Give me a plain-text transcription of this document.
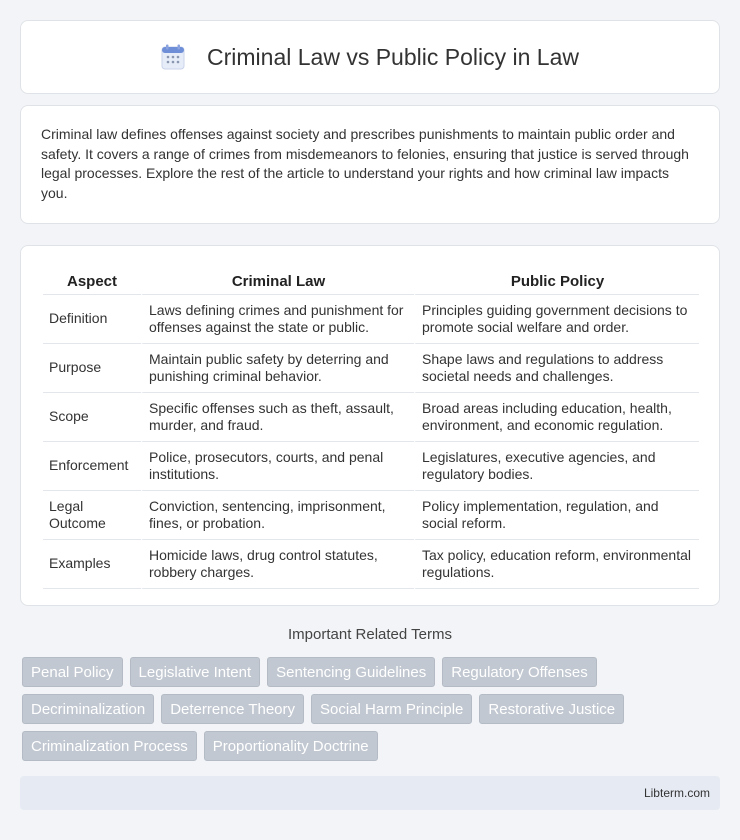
Criminal Law vs Public Policy in Law

Criminal law defines offenses against society and prescribes punishments to maintain public order and safety. It covers a range of crimes from misdemeanors to felonies, ensuring that justice is served through legal processes. Explore the rest of the article to understand your rights and how criminal law impacts you.

Aspect	Criminal Law	Public Policy
Definition	Laws defining crimes and punishment for offenses against the state or public.	Principles guiding government decisions to promote social welfare and order.
Purpose	Maintain public safety by deterring and punishing criminal behavior.	Shape laws and regulations to address societal needs and challenges.
Scope	Specific offenses such as theft, assault, murder, and fraud.	Broad areas including education, health, environment, and economic regulation.
Enforcement	Police, prosecutors, courts, and penal institutions.	Legislatures, executive agencies, and regulatory bodies.
Legal Outcome	Conviction, sentencing, imprisonment, fines, or probation.	Policy implementation, regulation, and social reform.
Examples	Homicide laws, drug control statutes, robbery charges.	Tax policy, education reform, environmental regulations.
Important Related Terms
Penal Policy	Legislative Intent	Sentencing Guidelines	Regulatory Offenses
Decriminalization	Deterrence Theory	Social Harm Principle	Restorative Justice
Criminalization Process	Proportionality Doctrine
Libterm.com
